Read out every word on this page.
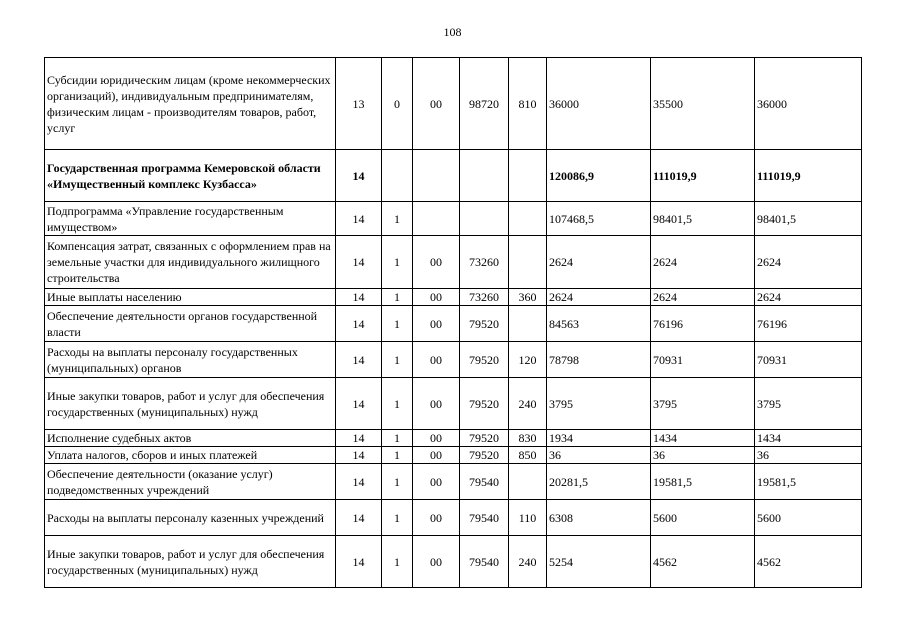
108
Субсидии юридическим лицам (кроме некоммерческих организаций), индивидуальным предпринимателям, физическим лицам - производителям товаров, работ, услуг	13	0	00	98720	810	36000	35500	36000
Государственная программа Кемеровской области «Имущественный комплекс Кузбасса»	14					120086,9	111019,9	111019,9
Подпрограмма «Управление государственным имуществом»	14	1				107468,5	98401,5	98401,5
Компенсация затрат, связанных с оформлением прав на земельные участки для индивидуального жилищного строительства	14	1	00	73260		2624	2624	2624
Иные выплаты населению	14	1	00	73260	360	2624	2624	2624
Обеспечение деятельности органов государственной власти	14	1	00	79520		84563	76196	76196
Расходы на выплаты персоналу государственных (муниципальных) органов	14	1	00	79520	120	78798	70931	70931
Иные закупки товаров, работ и услуг для обеспечения государственных (муниципальных) нужд	14	1	00	79520	240	3795	3795	3795
Исполнение судебных актов	14	1	00	79520	830	1934	1434	1434
Уплата налогов, сборов и иных платежей	14	1	00	79520	850	36	36	36
Обеспечение деятельности (оказание услуг) подведомственных учреждений	14	1	00	79540		20281,5	19581,5	19581,5
Расходы на выплаты персоналу казенных учреждений	14	1	00	79540	110	6308	5600	5600
Иные закупки товаров, работ и услуг для обеспечения государственных (муниципальных) нужд	14	1	00	79540	240	5254	4562	4562
